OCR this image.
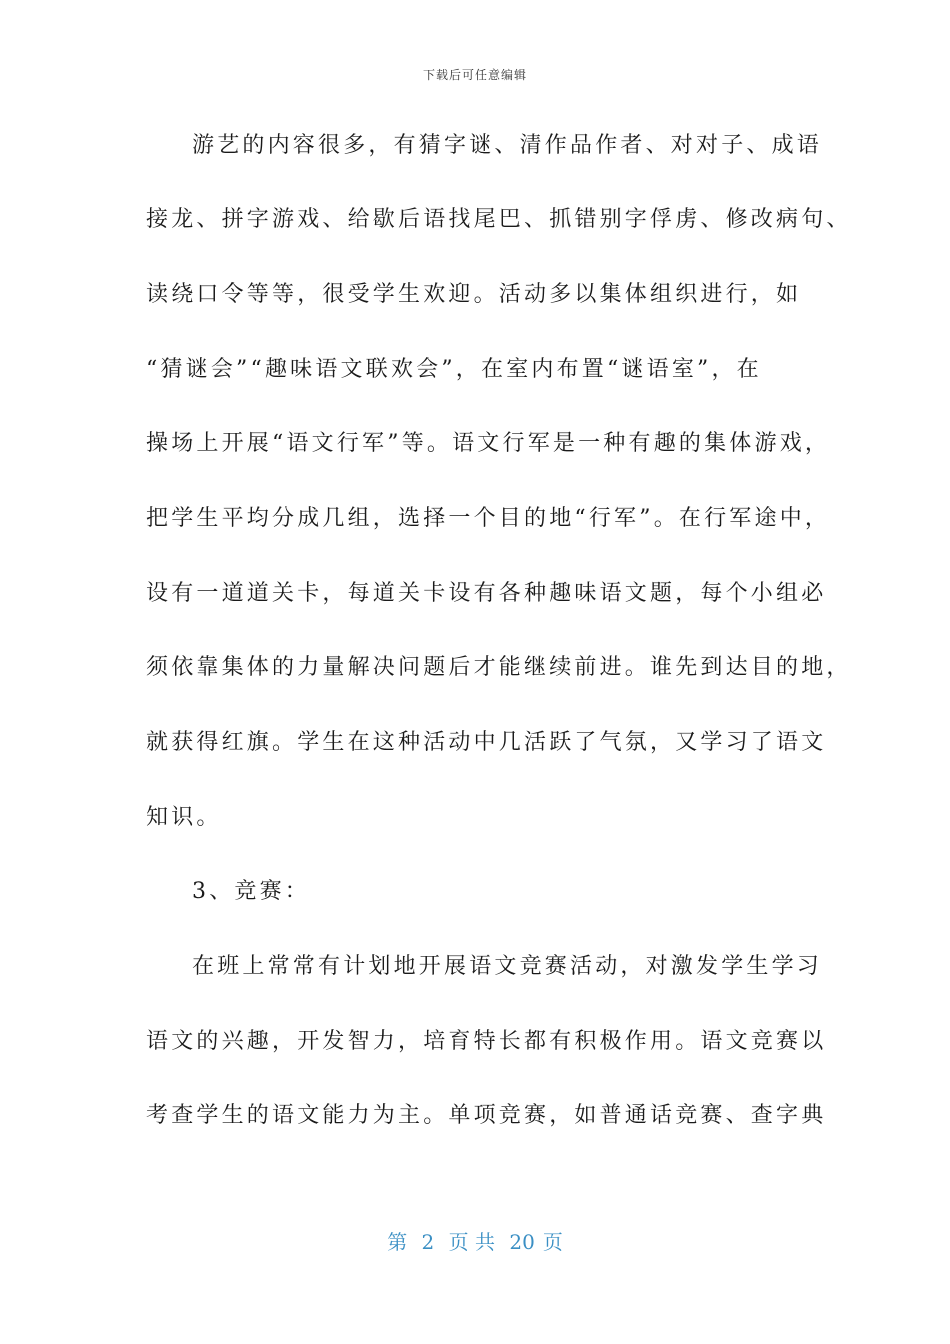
下载后可任意编辑
游艺的内容很多，有猜字谜、清作品作者、对对子、成语
接龙、拼字游戏、给歇后语找尾巴、抓错别字俘虏、修改病句、
读绕口令等等，很受学生欢迎。活动多以集体组织进行，如
“猜谜会”“趣味语文联欢会”，在室内布置“谜语室”，在
操场上开展“语文行军”等。语文行军是一种有趣的集体游戏，
把学生平均分成几组，选择一个目的地“行军”。在行军途中，
设有一道道关卡，每道关卡设有各种趣味语文题，每个小组必
须依靠集体的力量解决问题后才能继续前进。谁先到达目的地，
就获得红旗。学生在这种活动中几活跃了气氛，又学习了语文
知识。
3、竞赛：
在班上常常有计划地开展语文竞赛活动，对激发学生学习
语文的兴趣，开发智力，培育特长都有积极作用。语文竞赛以
考查学生的语文能力为主。单项竞赛，如普通话竞赛、查字典
第 2 页 共 20 页
